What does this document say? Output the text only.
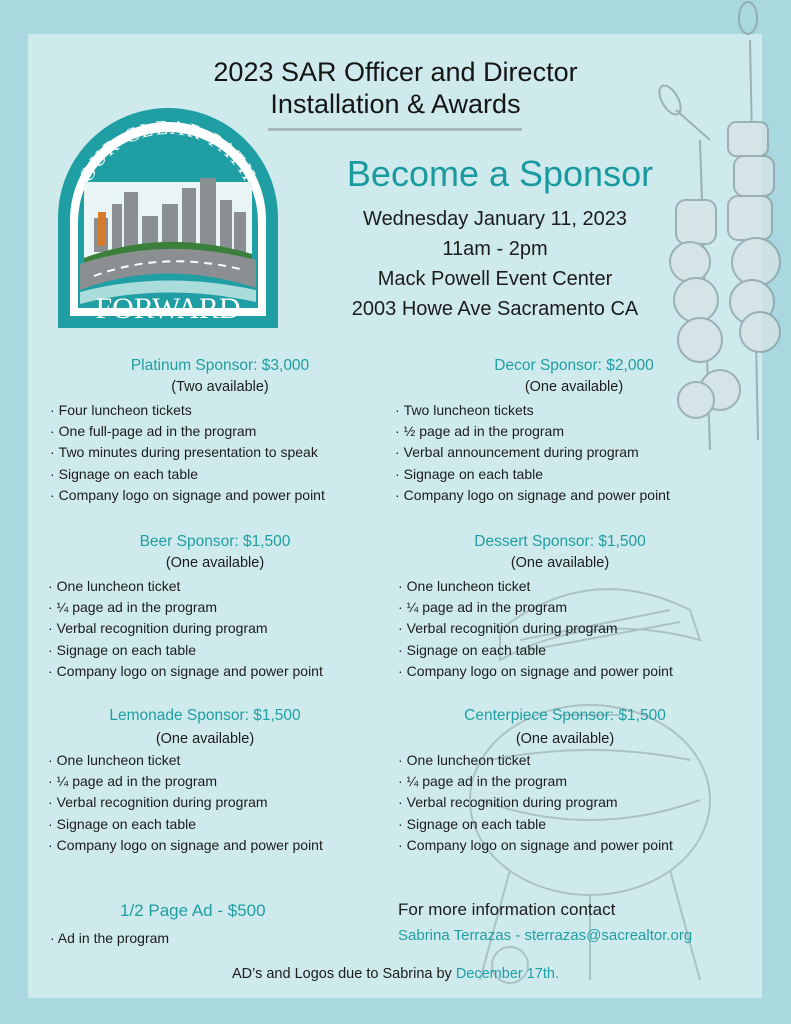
OUR CLEAR PATH
FORWARD
2023 SAR Officer and Director
Installation & Awards
Become a Sponsor
Wednesday January 11, 2023
11am - 2pm
Mack Powell Event Center
2003 Howe Ave Sacramento CA
Platinum Sponsor: $3,000
(Two available)
· Four luncheon tickets
· One full-page ad in the program
· Two minutes during presentation to speak
· Signage on each table
· Company logo on signage and power point
Decor Sponsor: $2,000
(One available)
· Two luncheon tickets
· ½ page ad in the program
· Verbal announcement during program
· Signage on each table
· Company logo on signage and power point
Beer Sponsor: $1,500
(One available)
· One luncheon ticket
· ¼ page ad in the program
· Verbal recognition during program
· Signage on each table
· Company logo on signage and power point
Dessert Sponsor: $1,500
(One available)
· One luncheon ticket
· ¼ page ad in the program
· Verbal recognition during program
· Signage on each table
· Company logo on signage and power point
Lemonade Sponsor: $1,500
(One available)
· One luncheon ticket
· ¼ page ad in the program
· Verbal recognition during program
· Signage on each table
· Company logo on signage and power point
Centerpiece Sponsor: $1,500
(One available)
· One luncheon ticket
· ¼ page ad in the program
· Verbal recognition during program
· Signage on each table
· Company logo on signage and power point
1/2 Page Ad - $500
· Ad in the program
For more information contact
Sabrina Terrazas - sterrazas@sacrealtor.org
AD’s and Logos due to Sabrina by December 17th.
